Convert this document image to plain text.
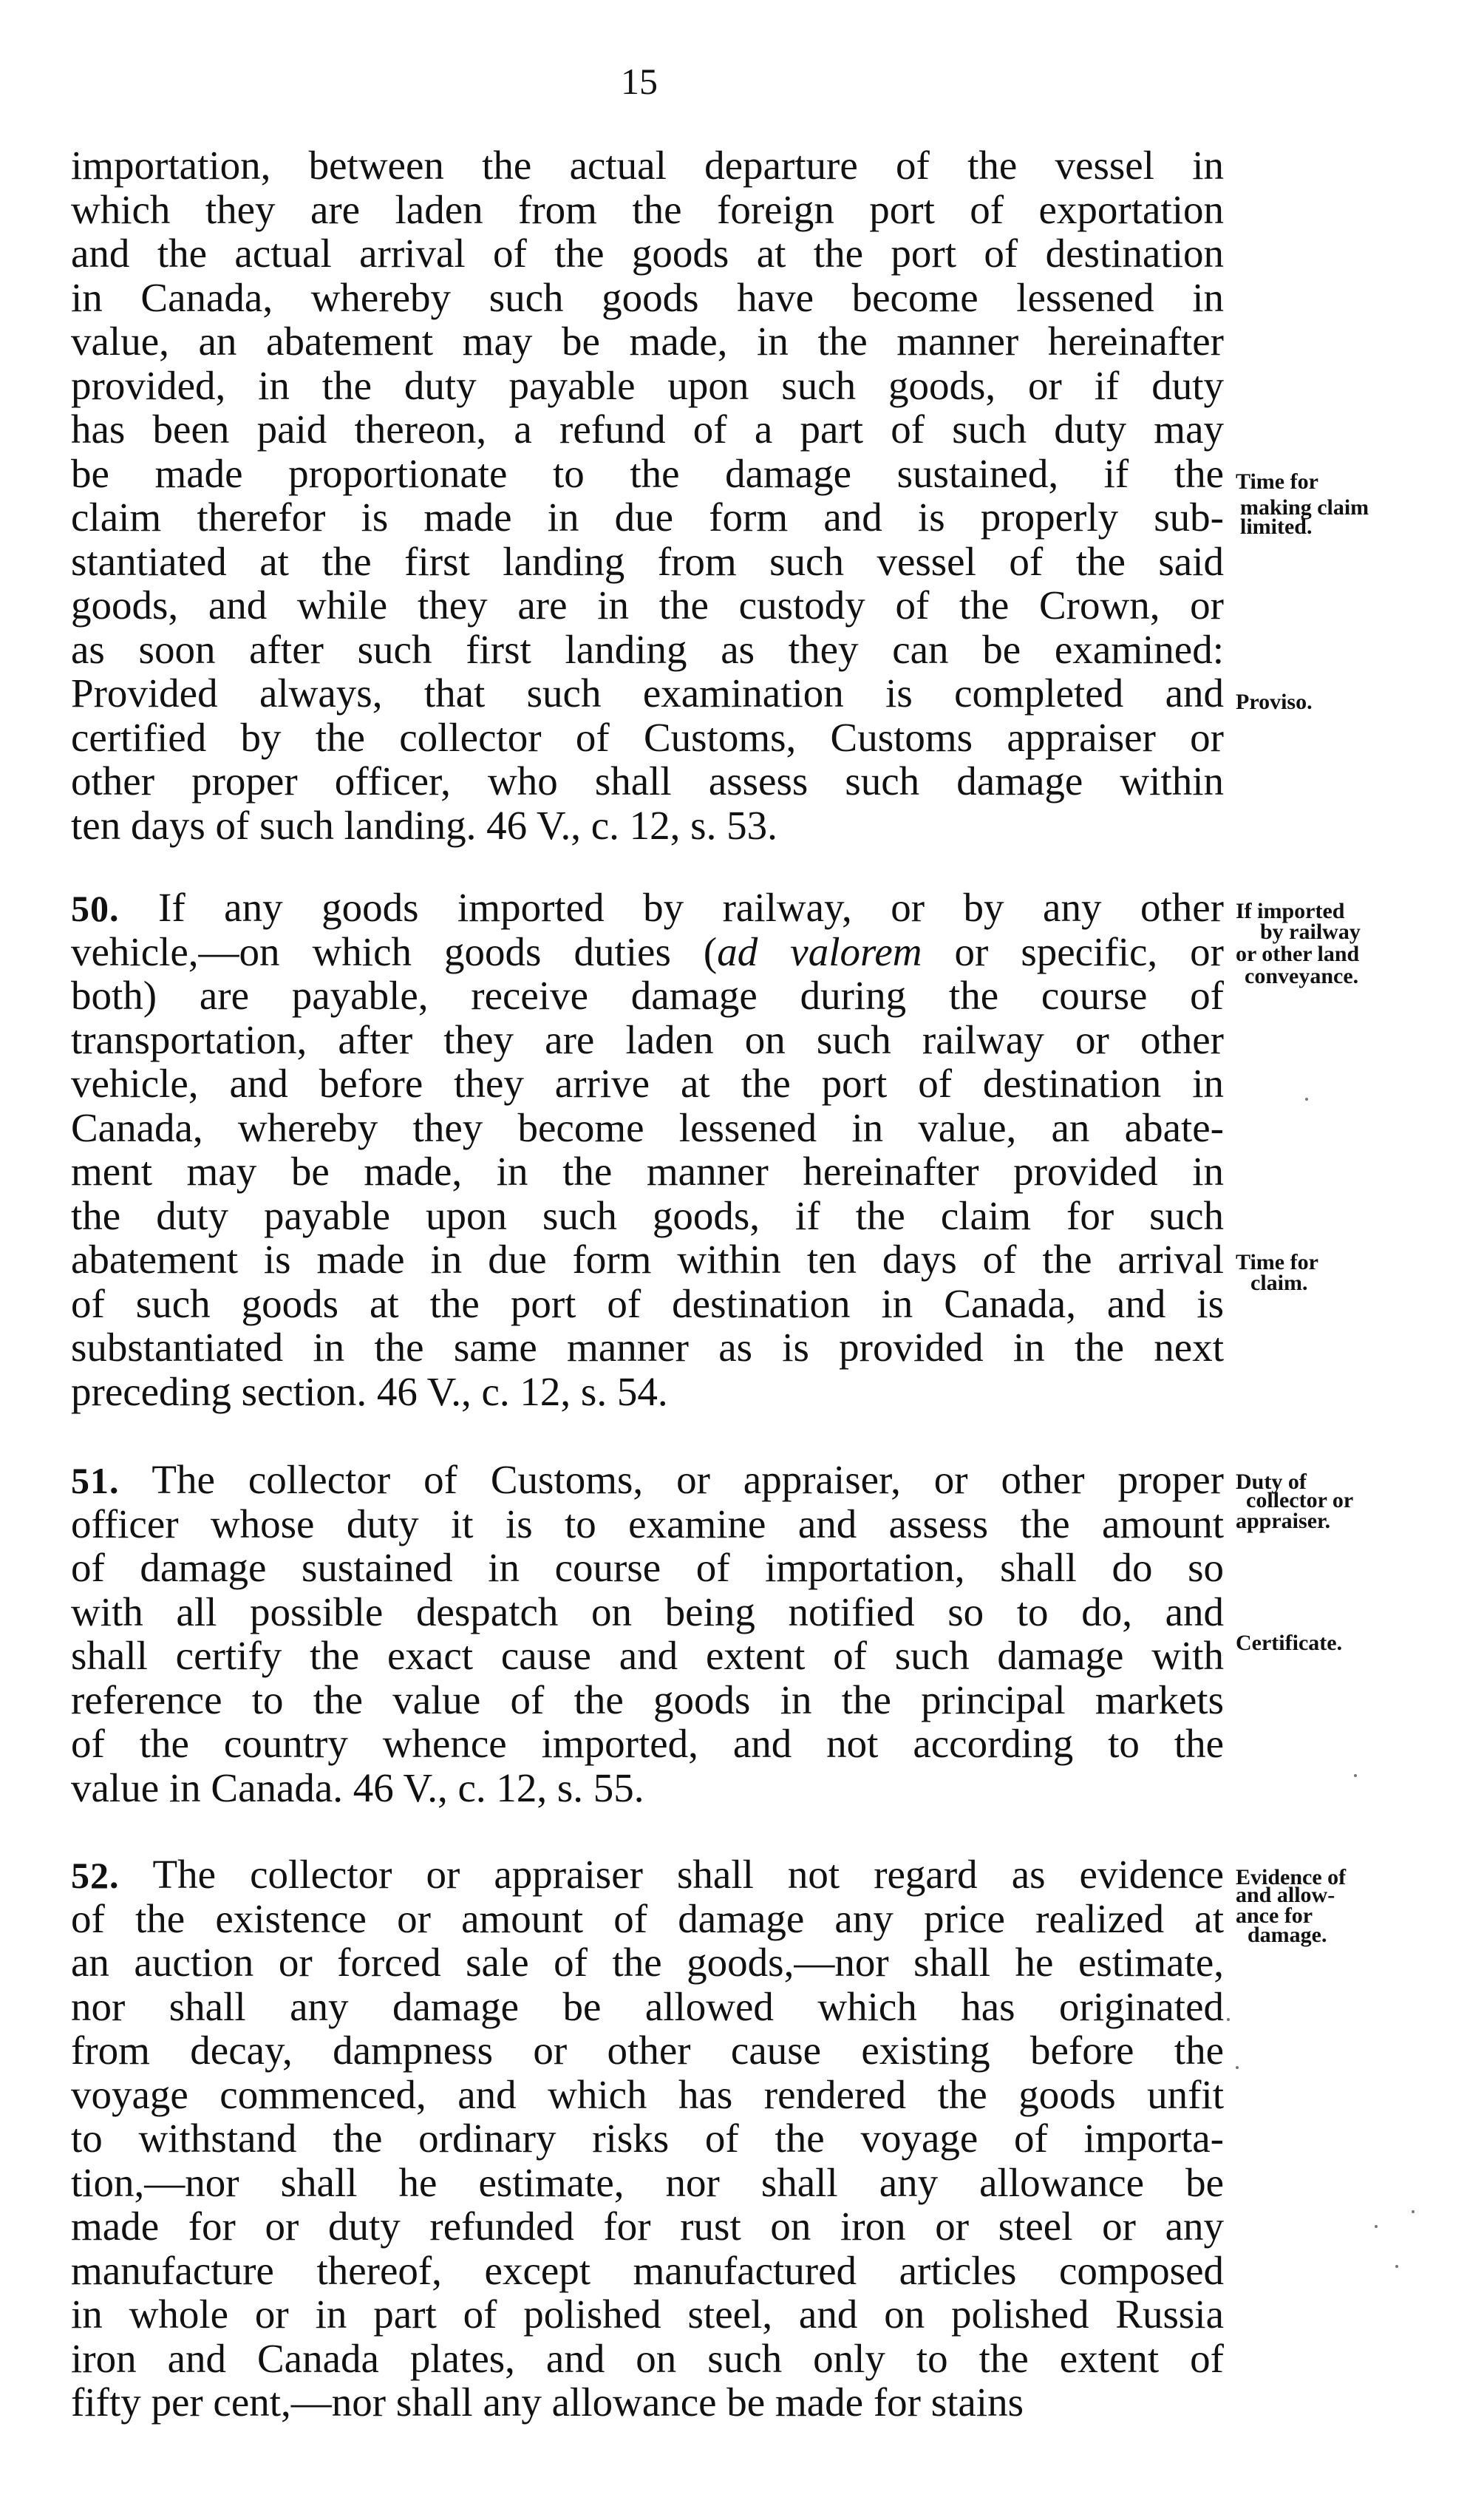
15
importation, between the actual departure of the vessel in
which they are laden from the foreign port of exportation
and the actual arrival of the goods at the port of destination
in Canada, whereby such goods have become lessened in
value, an abatement may be made, in the manner hereinafter
provided, in the duty payable upon such goods, or if duty
has been paid thereon, a refund of a part of such duty may
be made proportionate to the damage sustained, if the
claim therefor is made in due form and is properly sub-
stantiated at the first landing from such vessel of the said
goods, and while they are in the custody of the Crown, or
as soon after such first landing as they can be examined:
Provided always, that such examination is completed and
certified by the collector of Customs, Customs appraiser or
other proper officer, who shall assess such damage within
ten days of such landing. 46 V., c. 12, s. 53.
50. If any goods imported by railway, or by any other
vehicle,—on which goods duties (ad valorem or specific, or
both) are payable, receive damage during the course of
transportation, after they are laden on such railway or other
vehicle, and before they arrive at the port of destination in
Canada, whereby they become lessened in value, an abate-
ment may be made, in the manner hereinafter provided in
the duty payable upon such goods, if the claim for such
abatement is made in due form within ten days of the arrival
of such goods at the port of destination in Canada, and is
substantiated in the same manner as is provided in the next
preceding section. 46 V., c. 12, s. 54.
51. The collector of Customs, or appraiser, or other proper
officer whose duty it is to examine and assess the amount
of damage sustained in course of importation, shall do so
with all possible despatch on being notified so to do, and
shall certify the exact cause and extent of such damage with
reference to the value of the goods in the principal markets
of the country whence imported, and not according to the
value in Canada. 46 V., c. 12, s. 55.
52. The collector or appraiser shall not regard as evidence
of the existence or amount of damage any price realized at
an auction or forced sale of the goods,—nor shall he estimate,
nor shall any damage be allowed which has originated
from decay, dampness or other cause existing before the
voyage commenced, and which has rendered the goods unfit
to withstand the ordinary risks of the voyage of importa-
tion,—nor shall he estimate, nor shall any allowance be
made for or duty refunded for rust on iron or steel or any
manufacture thereof, except manufactured articles composed
in whole or in part of polished steel, and on polished Russia
iron and Canada plates, and on such only to the extent of
fifty per cent,—nor shall any allowance be made for stains
Time for
making claim
limited.
Proviso.
If imported
by railway
or other land
conveyance.
Time for
claim.
Duty of
collector or
appraiser.
Certificate.
Evidence of
and allow-
ance for
damage.
